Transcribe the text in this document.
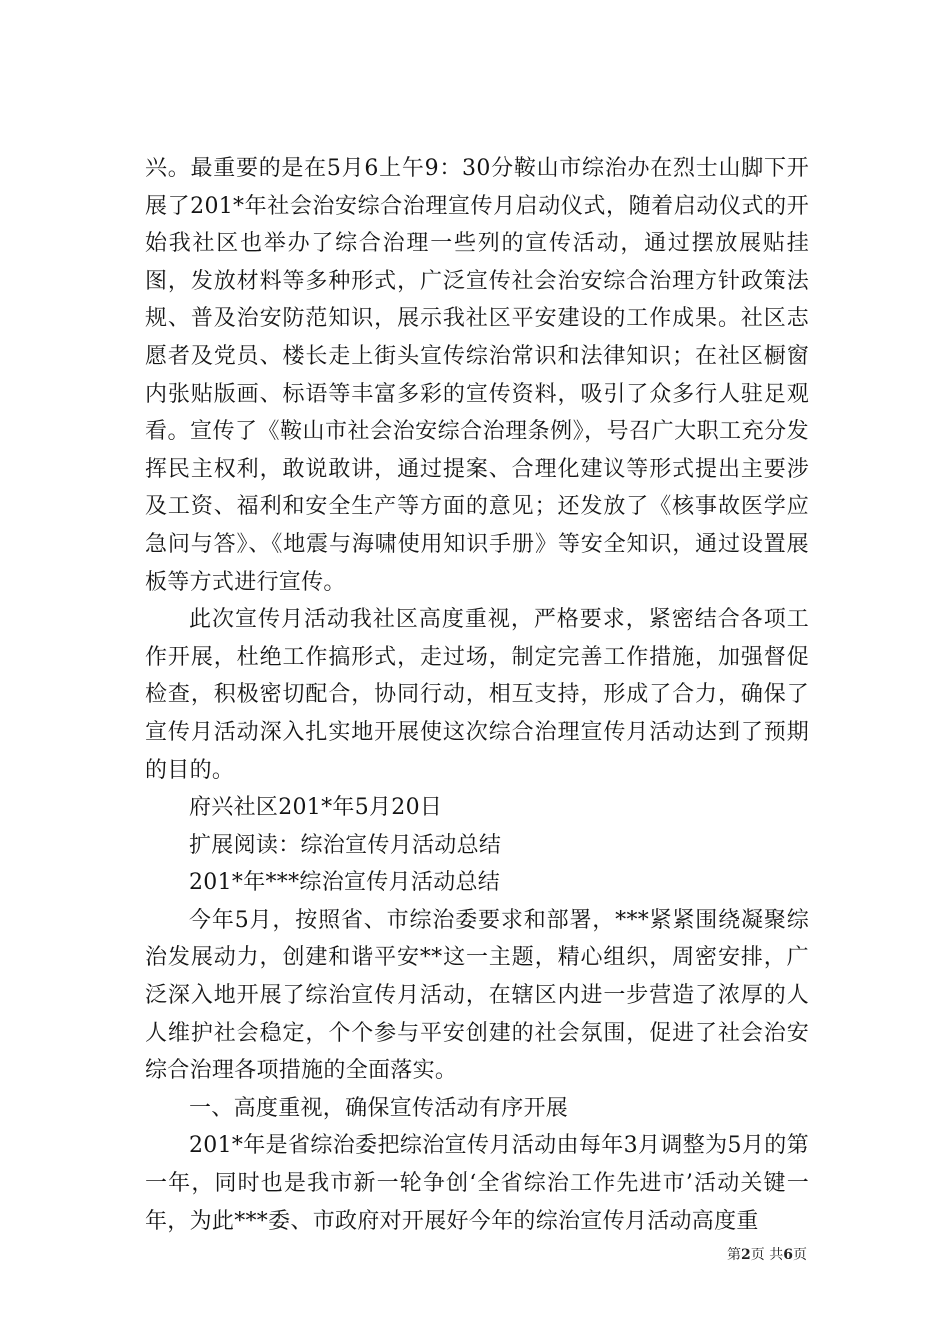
兴。最重要的是在5月6上午9：30分鞍山市综治办在烈士山脚下开展了201*年社会治安综合治理宣传月启动仪式，随着启动仪式的开始我社区也举办了综合治理一些列的宣传活动，通过摆放展贴挂图，发放材料等多种形式，广泛宣传社会治安综合治理方针政策法规、普及治安防范知识，展示我社区平安建设的工作成果。社区志愿者及党员、楼长走上街头宣传综治常识和法律知识；在社区橱窗内张贴版画、标语等丰富多彩的宣传资料，吸引了众多行人驻足观看。宣传了《鞍山市社会治安综合治理条例》，号召广大职工充分发挥民主权利，敢说敢讲，通过提案、合理化建议等形式提出主要涉及工资、福利和安全生产等方面的意见；还发放了《核事故医学应急问与答》、《地震与海啸使用知识手册》等安全知识，通过设置展板等方式进行宣传。

此次宣传月活动我社区高度重视，严格要求，紧密结合各项工作开展，杜绝工作搞形式，走过场，制定完善工作措施，加强督促检查，积极密切配合，协同行动，相互支持，形成了合力，确保了宣传月活动深入扎实地开展使这次综合治理宣传月活动达到了预期的目的。

府兴社区201*年5月20日

扩展阅读：综治宣传月活动总结

201*年***综治宣传月活动总结

今年5月，按照省、市综治委要求和部署，***紧紧围绕凝聚综治发展动力，创建和谐平安**这一主题，精心组织，周密安排，广泛深入地开展了综治宣传月活动，在辖区内进一步营造了浓厚的人人维护社会稳定，个个参与平安创建的社会氛围，促进了社会治安综合治理各项措施的全面落实。

一、高度重视，确保宣传活动有序开展

201*年是省综治委把综治宣传月活动由每年3月调整为5月的第一年，同时也是我市新一轮争创‘全省综治工作先进市’活动关键一年，为此***委、市政府对开展好今年的综治宣传月活动高度重

第2页 共6页
